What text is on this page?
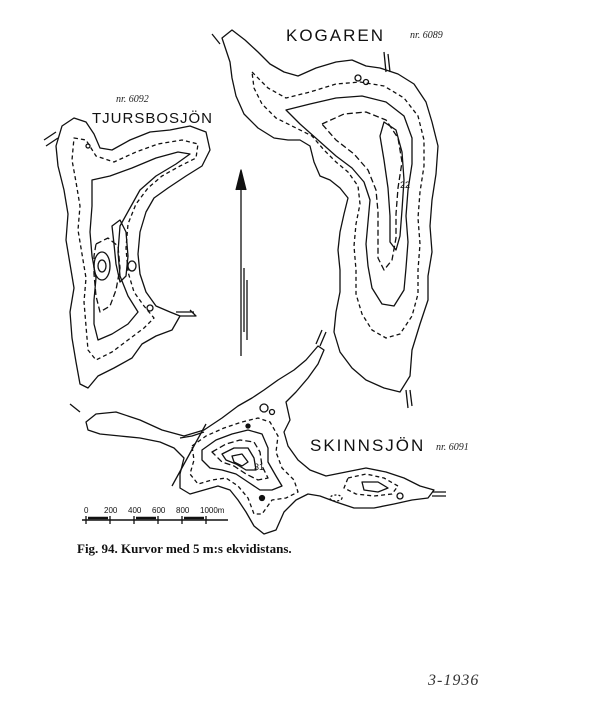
KOGAREN nr. 6089
22
nr. 6092
TJURSBOSJÖN
SKINNSJÖN nr. 6091
31
0 200 400 600 800 1000m
Fig. 94. Kurvor med 5 m:s ekvidistans.
3-1936
